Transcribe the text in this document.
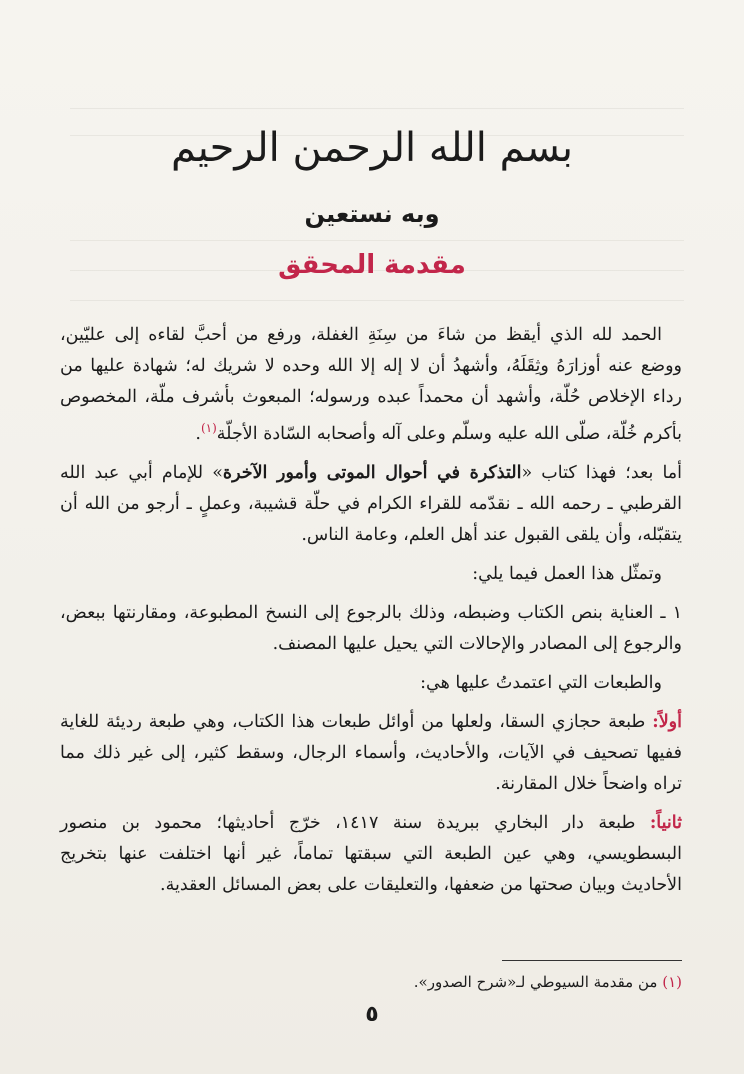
بسم الله الرحمن الرحيم
وبه نستعين
مقدمة المحقق

الحمد لله الذي أيقظ من شاءَ من سِنَةِ الغفلة، ورفع من أحبَّ لقاءه إلى عليّين، ووضع عنه أوزارَهُ وثِقَلَهُ، وأشهدُ أن لا إله إلا الله وحده لا شريك له؛ شهادة عليها من رداء الإخلاص حُلّة، وأشهد أن محمداً عبده ورسوله؛ المبعوث بأشرف ملّة، المخصوص بأكرم خُلّة، صلّى الله عليه وسلّم وعلى آله وأصحابه السّادة الأجلّة$^{(١)}$.

أما بعد؛ فهذا كتاب «التذكرة في أحوال الموتى وأمور الآخرة» للإمام أبي عبد الله القرطبي ـ رحمه الله ـ نقدّمه للقراء الكرام في حلّة قشيبة، وعملٍ ـ أرجو من الله أن يتقبّله، وأن يلقى القبول عند أهل العلم، وعامة الناس.

وتمثّل هذا العمل فيما يلي:

١ ـ العناية بنص الكتاب وضبطه، وذلك بالرجوع إلى النسخ المطبوعة، ومقارنتها ببعض، والرجوع إلى المصادر والإحالات التي يحيل عليها المصنف.

والطبعات التي اعتمدتُ عليها هي:

أولاً: طبعة حجازي السقا، ولعلها من أوائل طبعات هذا الكتاب، وهي طبعة رديئة للغاية ففيها تصحيف في الآيات، والأحاديث، وأسماء الرجال، وسقط كثير، إلى غير ذلك مما تراه واضحاً خلال المقارنة.

ثانياً: طبعة دار البخاري ببريدة سنة ١٤١٧، خرّج أحاديثها؛ محمود بن منصور البسطويسي، وهي عين الطبعة التي سبقتها تماماً، غير أنها اختلفت عنها بتخريج الأحاديث وبيان صحتها من ضعفها، والتعليقات على بعض المسائل العقدية.

(١) من مقدمة السيوطي لـ«شرح الصدور».
٥
